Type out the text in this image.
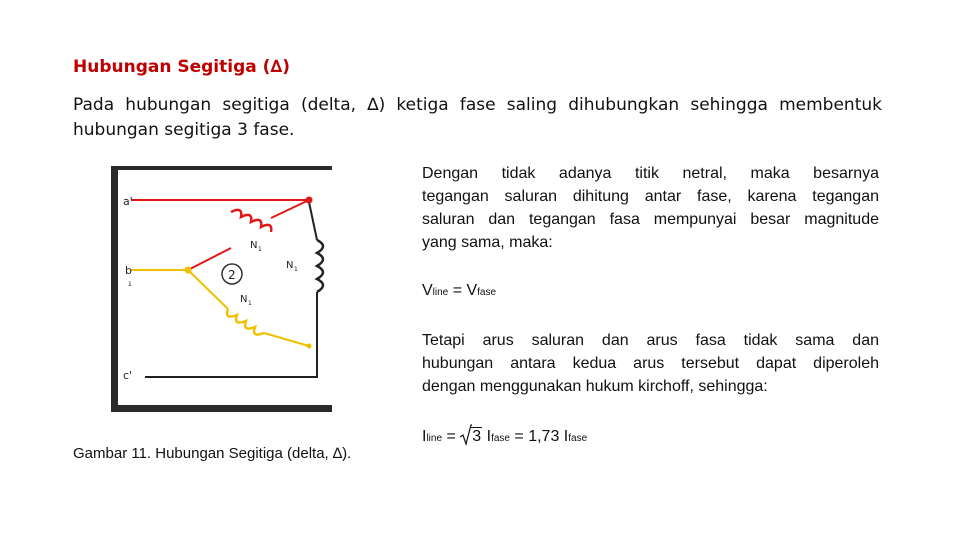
Hubungan Segitiga (∆)
Pada hubungan segitiga (delta, ∆) ketiga fase saling dihubungkan sehingga membentuk hubungan segitiga 3 fase.
2
a'
b
1
c'
N 1
N 1
N 1
Gambar 11. Hubungan Segitiga (delta, ∆).
Dengan tidak adanya titik netral, maka besarnya
tegangan saluran dihitung antar fase, karena tegangan
saluran dan tegangan fasa mempunyai besar magnitude
yang sama, maka:
Vline = Vfase
Tetapi arus saluran dan arus fasa tidak sama dan
hubungan antara kedua arus tersebut dapat diperoleh
dengan menggunakan hukum kirchoff, sehingga:
Iline =
3 Ifase = 1,73 Ifase
